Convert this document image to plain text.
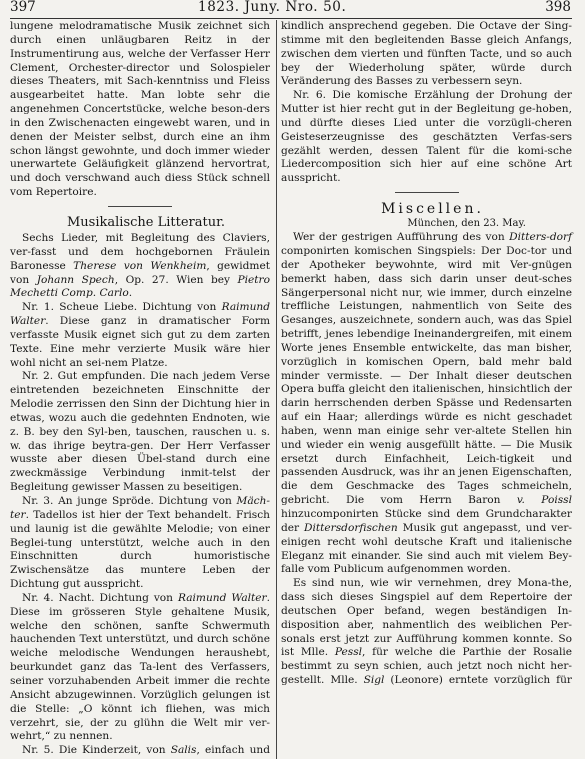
397	1823. Juny. Nro. 50.	398

lungene melodramatische Musik zeichnet sich durch einen unläugbaren Reitz in der Instrumentirung aus, welche der Verfasser Herr Clement, Orchester-director und Solospieler dieses Theaters, mit Sach-kenntniss und Fleiss ausgearbeitet hatte. Man lobte sehr die angenehmen Concertstücke, welche beson-ders in den Zwischenacten eingewebt waren, und in denen der Meister selbst, durch eine an ihm schon längst gewohnte, und doch immer wieder unerwartete Geläufigkeit glänzend hervortrat, und doch verschwand auch diess Stück schnell vom Repertoire.

Musikalische Litteratur.

Sechs Lieder, mit Begleitung des Claviers, ver-fasst und dem hochgebornen Fräulein Baronesse Therese von Wenkheim, gewidmet von Johann Spech, Op. 27. Wien bey Pietro Mechetti Comp. Carlo.

Nr. 1. Scheue Liebe. Dichtung von Raimund Walter. Diese ganz in dramatischer Form verfasste Musik eignet sich gut zu dem zarten Texte. Eine mehr verzierte Musik wäre hier wohl nicht an sei-nem Platze.

Nr. 2. Gut empfunden. Die nach jedem Verse eintretenden bezeichneten Einschnitte der Melodie zerrissen den Sinn der Dichtung hier in etwas, wozu auch die gedehnten Endnoten, wie z. B. bey den Syl-ben, tauschen, rauschen u. s. w. das ihrige beytra-gen. Der Herr Verfasser wusste aber diesen Übel-stand durch eine zweckmässige Verbindung inmit-telst der Begleitung gewisser Massen zu beseitigen.

Nr. 3. An junge Spröde. Dichtung von Mäch-ter. Tadellos ist hier der Text behandelt. Frisch und launig ist die gewählte Melodie; von einer Beglei-tung unterstützt, welche auch in den Einschnitten durch humoristische Zwischensätze das muntere Leben der Dichtung gut ausspricht.

Nr. 4. Nacht. Dichtung von Raimund Walter. Diese im grösseren Style gehaltene Musik, welche den schönen, sanfte Schwermuth hauchenden Text unterstützt, und durch schöne weiche melodische Wendungen heraushebt, beurkundet ganz das Ta-lent des Verfassers, seiner vorzuhabenden Arbeit immer die rechte Ansicht abzugewinnen. Vorzüglich gelungen ist die Stelle: „O könnt ich fliehen, was mich verzehrt, sie, der zu glühn die Welt mir ver-wehrt,“ zu nennen.

Nr. 5. Die Kinderzeit, von Salis, einfach und

kindlich ansprechend gegeben. Die Octave der Sing-stimme mit den begleitenden Basse gleich Anfangs, zwischen dem vierten und fünften Tacte, und so auch bey der Wiederholung später, würde durch Veränderung des Basses zu verbessern seyn.

Nr. 6. Die komische Erzählung der Drohung der Mutter ist hier recht gut in der Begleitung ge-hoben, und dürfte dieses Lied unter die vorzügli-cheren Geisteserzeugnisse des geschätzten Verfas-sers gezählt werden, dessen Talent für die komi-sche Liedercomposition sich hier auf eine schöne Art ausspricht.

Miscellen.

München, den 23. May.

Wer der gestrigen Aufführung des von Ditters-dorf componirten komischen Singspiels: Der Doc-tor und der Apotheker beywohnte, wird mit Ver-gnügen bemerkt haben, dass sich darin unser deut-sches Sängerpersonal nicht nur, wie immer, durch einzelne treffliche Leistungen, nahmentlich von Seite des Gesanges, auszeichnete, sondern auch, was das Spiel betrifft, jenes lebendige Ineinandergreifen, mit einem Worte jenes Ensemble entwickelte, das man bisher, vorzüglich in komischen Opern, bald mehr bald minder vermisste. — Der Inhalt dieser deutschen Opera buffa gleicht den italienischen, hinsichtlich der darin herrschenden derben Spässe und Redensarten auf ein Haar; allerdings würde es nicht geschadet haben, wenn man einige sehr ver-altete Stellen hin und wieder ein wenig ausgefüllt hätte. — Die Musik ersetzt durch Einfachheit, Leich-tigkeit und passenden Ausdruck, was ihr an jenen Eigenschaften, die dem Geschmacke des Tages schmeicheln, gebricht. Die vom Herrn Baron v. Poissl hinzucomponirten Stücke sind dem Grundcharakter der Dittersdorfischen Musik gut angepasst, und ver-einigen recht wohl deutsche Kraft und italienische Eleganz mit einander. Sie sind auch mit vielem Bey-falle vom Publicum aufgenommen worden.

Es sind nun, wie wir vernehmen, drey Mona-the, dass sich dieses Singspiel auf dem Repertoire der deutschen Oper befand, wegen beständigen In-disposition aber, nahmentlich des weiblichen Per-sonals erst jetzt zur Aufführung kommen konnte. So ist Mlle. Pessl, für welche die Parthie der Rosalie bestimmt zu seyn schien, auch jetzt noch nicht her-gestellt. Mlle. Sigl (Leonore) erntete vorzüglich für
